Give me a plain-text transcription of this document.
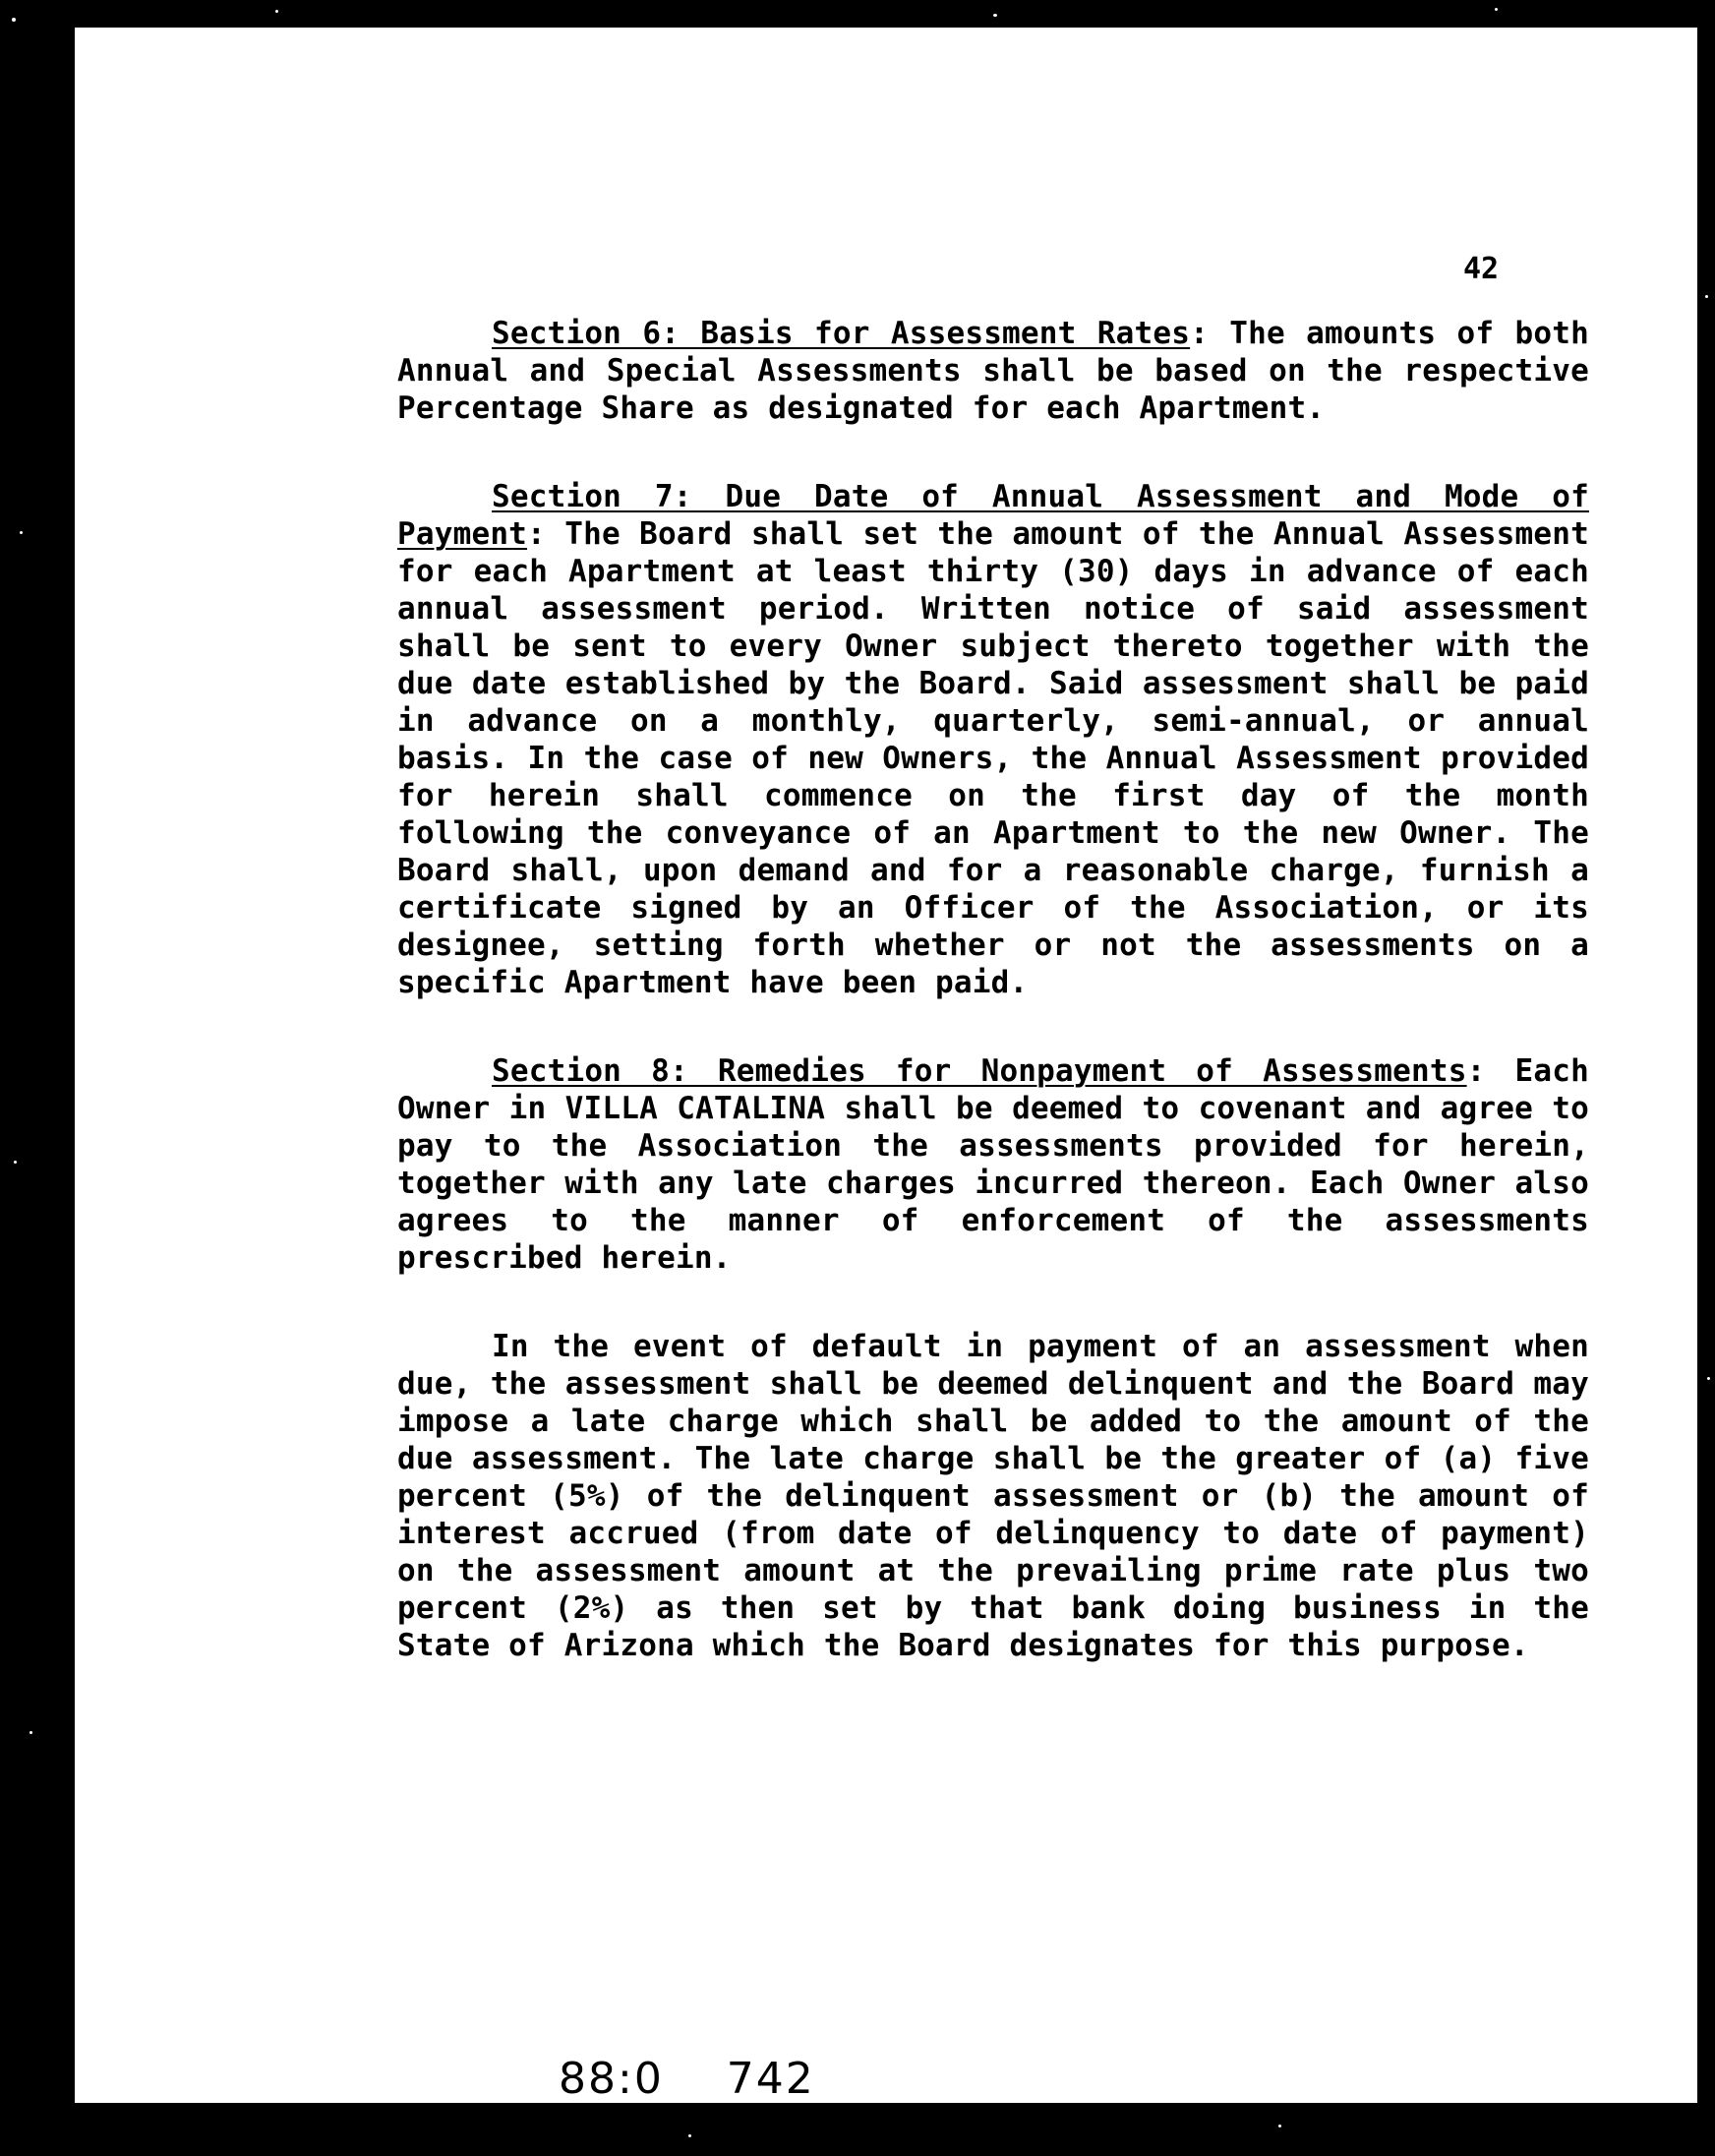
42

Section 6: Basis for Assessment Rates: The amounts of both Annual and Special Assessments shall be based on the respective Percentage Share as designated for each Apartment.

Section 7: Due Date of Annual Assessment and Mode of Payment: The Board shall set the amount of the Annual Assessment for each Apartment at least thirty (30) days in advance of each annual assessment period. Written notice of said assessment shall be sent to every Owner subject thereto together with the due date established by the Board. Said assessment shall be paid in advance on a monthly, quarterly, semi-annual, or annual basis. In the case of new Owners, the Annual Assessment provided for herein shall commence on the first day of the month following the conveyance of an Apartment to the new Owner. The Board shall, upon demand and for a reasonable charge, furnish a certificate signed by an Officer of the Association, or its designee, setting forth whether or not the assessments on a specific Apartment have been paid.

Section 8: Remedies for Nonpayment of Assessments: Each Owner in VILLA CATALINA shall be deemed to covenant and agree to pay to the Association the assessments provided for herein, together with any late charges incurred thereon. Each Owner also agrees to the manner of enforcement of the assessments prescribed herein.

In the event of default in payment of an assessment when due, the assessment shall be deemed delinquent and the Board may impose a late charge which shall be added to the amount of the due assessment. The late charge shall be the greater of (a) five percent (5%) of the delinquent assessment or (b) the amount of interest accrued (from date of delinquency to date of payment) on the assessment amount at the prevailing prime rate plus two percent (2%) as then set by that bank doing business in the State of Arizona which the Board designates for this purpose.

88:0 742
